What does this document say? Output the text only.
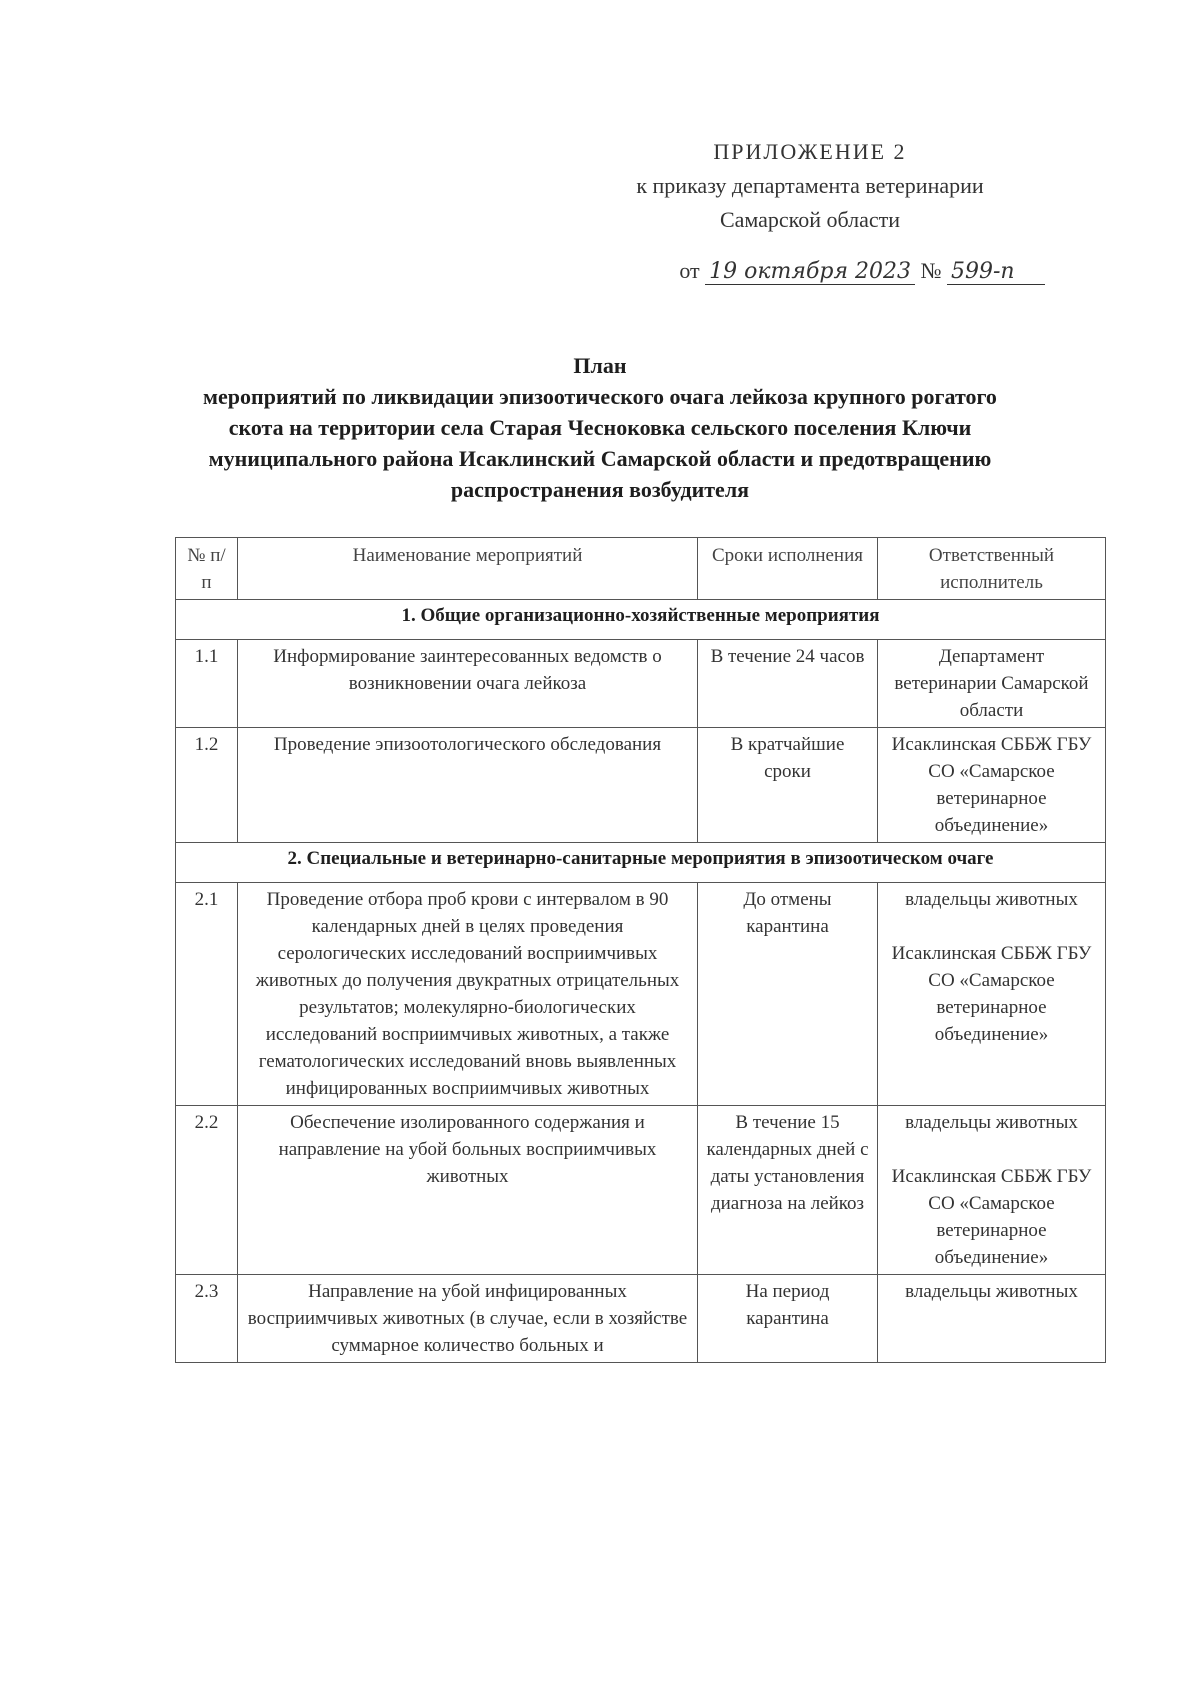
ПРИЛОЖЕНИЕ 2
к приказу департамента ветеринарии
Самарской области
от 19 октября 2023 № 599-п
План
мероприятий по ликвидации эпизоотического очага лейкоза крупного рогатого скота на территории села Старая Чесноковка сельского поселения Ключи муниципального района Исаклинский Самарской области и предотвращению распространения возбудителя
№ п/п	Наименование мероприятий	Сроки исполнения	Ответственный исполнитель
1. Общие организационно-хозяйственные мероприятия			
1.1	Информирование заинтересованных ведомств о возникновении очага лейкоза	В течение 24 часов	Департамент ветеринарии Самарской области
1.2	Проведение эпизоотологического обследования	В кратчайшие сроки	Исаклинская СББЖ ГБУ СО «Самарское ветеринарное объединение»
2. Специальные и ветеринарно-санитарные мероприятия в эпизоотическом очаге			
2.1	Проведение отбора проб крови с интервалом в 90 календарных дней в целях проведения серологических исследований восприимчивых животных до получения двукратных отрицательных результатов; молекулярно-биологических исследований восприимчивых животных, а также гематологических исследований вновь выявленных инфицированных восприимчивых животных	До отмены карантина	владельцы животных
Исаклинская СББЖ ГБУ СО «Самарское ветеринарное объединение»
2.2	Обеспечение изолированного содержания и направление на убой больных восприимчивых животных	В течение 15 календарных дней с даты установления диагноза на лейкоз	владельцы животных
Исаклинская СББЖ ГБУ СО «Самарское ветеринарное объединение»
2.3	Направление на убой инфицированных восприимчивых животных (в случае, если в хозяйстве суммарное количество больных и	На период карантина	владельцы животных
